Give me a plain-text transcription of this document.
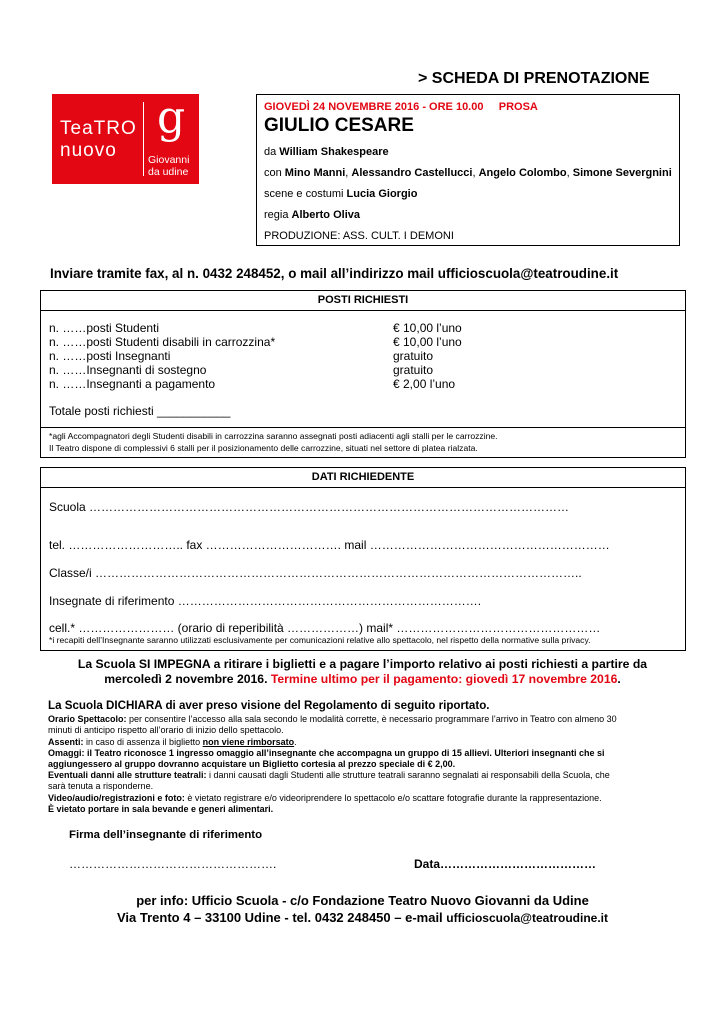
TeaTRO
nuovo
g
Giovanni
da udine
> SCHEDA DI PRENOTAZIONE
GIOVEDÌ 24 NOVEMBRE 2016 - ORE 10.00     PROSA
GIULIO CESARE
da William Shakespeare
con Mino Manni, Alessandro Castellucci, Angelo Colombo, Simone Severgnini
scene e costumi Lucia Giorgio
regia Alberto Oliva
PRODUZIONE: ASS. CULT. I DEMONI
Inviare tramite fax, al n. 0432 248452, o mail all’indirizzo mail ufficioscuola@teatroudine.it
POSTI RICHIESTI
n. ……posti Studenti	€ 10,00 l’uno
n. ……posti Studenti disabili in carrozzina*	€ 10,00 l’uno
n. ……posti Insegnanti	gratuito
n. ……Insegnanti di sostegno	gratuito
n. ……Insegnanti a pagamento	€ 2,00 l’uno
Totale posti richiesti ___________
*agli Accompagnatori degli Studenti disabili in carrozzina saranno assegnati posti adiacenti agli stalli per le carrozzine.
Il Teatro dispone di complessivi 6 stalli per il posizionamento delle carrozzine, situati nel settore di platea rialzata.
DATI RICHIEDENTE
Scuola …………………………………………………………………………………………………………
tel. ……………………….. fax ……………………………. mail ……………………………………………………
Classe/i …………………………………………………………………………………………………………..
Insegnate di riferimento ………………………………………………………………….
cell.* …………………… (orario di reperibilità ………………) mail* ……………………………………………
*i recapiti dell’Insegnante saranno utilizzati esclusivamente per comunicazioni relative allo spettacolo, nel rispetto della normative sulla privacy.
La Scuola SI IMPEGNA a ritirare i biglietti e a pagare l’importo relativo ai posti richiesti a partire da
mercoledì 2 novembre 2016. Termine ultimo per il pagamento: giovedì 17 novembre 2016.
La Scuola DICHIARA di aver preso visione del Regolamento di seguito riportato.
Orario Spettacolo: per consentire l’accesso alla sala secondo le modalità corrette, è necessario programmare l’arrivo in Teatro con almeno 30
minuti di anticipo rispetto all’orario di inizio dello spettacolo.
Assenti: in caso di assenza il biglietto non viene rimborsato.
Omaggi: il Teatro riconosce 1 ingresso omaggio all’insegnante che accompagna un gruppo di 15 allievi. Ulteriori insegnanti che si
aggiungessero al gruppo dovranno acquistare un Biglietto cortesia al prezzo speciale di € 2,00.
Eventuali danni alle strutture teatrali: i danni causati dagli Studenti alle strutture teatrali saranno segnalati ai responsabili della Scuola, che
sarà tenuta a risponderne.
Video/audio/registrazioni e foto: è vietato registrare e/o videoriprendere lo spettacolo e/o scattare fotografie durante la rappresentazione.
È vietato portare in sala bevande e generi alimentari.
Firma dell’insegnante di riferimento
…………………………………………….	Data…………………………………
per info: Ufficio Scuola - c/o Fondazione Teatro Nuovo Giovanni da Udine
Via Trento 4 – 33100 Udine - tel. 0432 248450 – e-mail ufficioscuola@teatroudine.it
